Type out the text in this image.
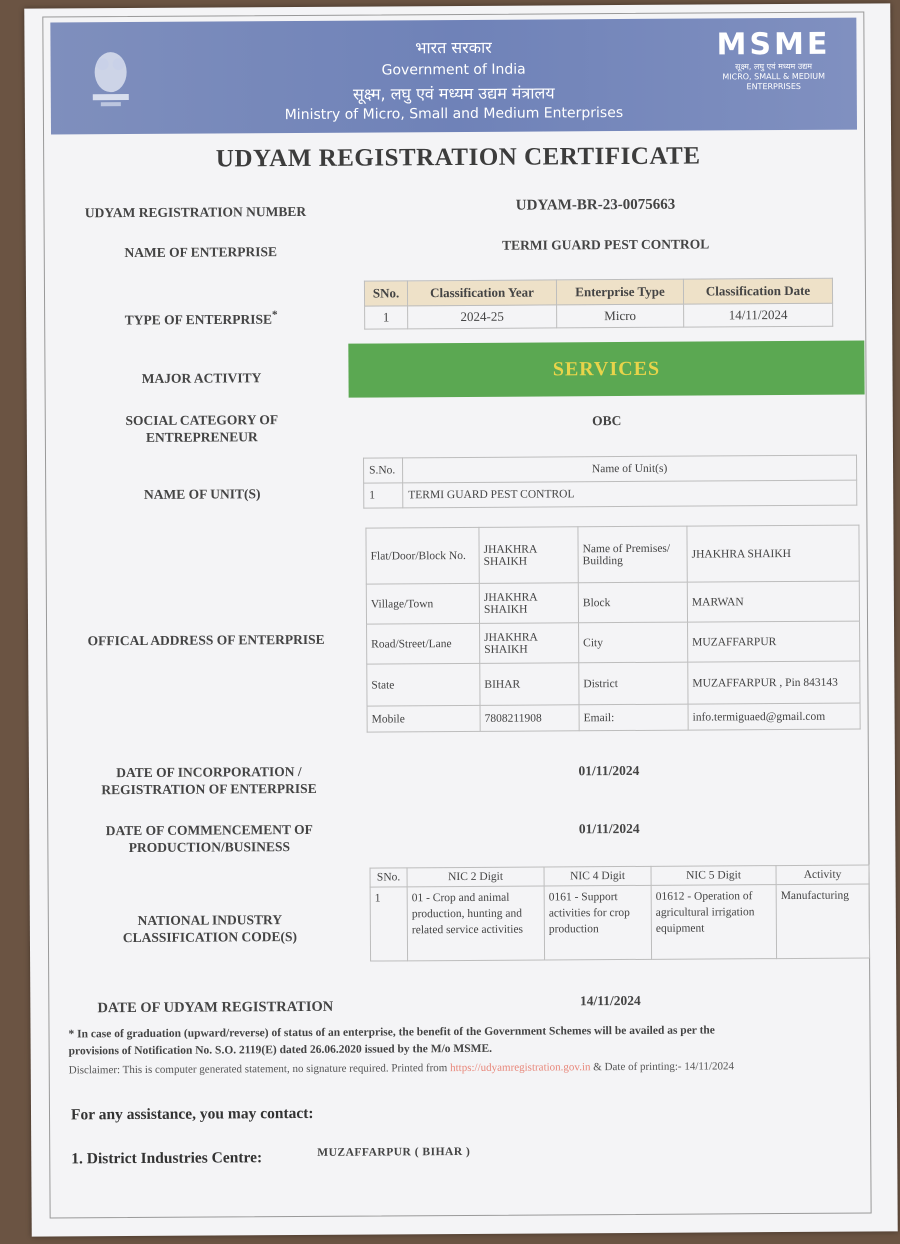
भारत सरकार
Government of India
सूक्ष्म, लघु एवं मध्यम उद्यम मंत्रालय
Ministry of Micro, Small and Medium Enterprises
MSME
सूक्ष्म, लघु एवं मध्यम उद्यम
MICRO, SMALL & MEDIUM ENTERPRISES
UDYAM REGISTRATION CERTIFICATE
UDYAM REGISTRATION NUMBER	UDYAM-BR-23-0075663
NAME OF ENTERPRISE	TERMI GUARD PEST CONTROL
TYPE OF ENTERPRISE*
SNo.	Classification Year	Enterprise Type	Classification Date
1	2024-25	Micro	14/11/2024
MAJOR ACTIVITY	SERVICES
SOCIAL CATEGORY OF
ENTREPRENEUR
OBC
NAME OF UNIT(S)
S.No.	Name of Unit(s)
1	TERMI GUARD PEST CONTROL
OFFICAL ADDRESS OF ENTERPRISE
Flat/Door/Block No.	JHAKHRA SHAIKH	Name of Premises/ Building	JHAKHRA SHAIKH
Village/Town	JHAKHRA SHAIKH	Block	MARWAN
Road/Street/Lane	JHAKHRA SHAIKH	City	MUZAFFARPUR
State	BIHAR	District	MUZAFFARPUR , Pin 843143
Mobile	7808211908	Email:	info.termiguaed@gmail.com
DATE OF INCORPORATION /
REGISTRATION OF ENTERPRISE
01/11/2024
DATE OF COMMENCEMENT OF
PRODUCTION/BUSINESS
01/11/2024
NATIONAL INDUSTRY
CLASSIFICATION CODE(S)
SNo.	NIC 2 Digit	NIC 4 Digit	NIC 5 Digit	Activity
1	01 - Crop and animal production, hunting and related service activities	0161 - Support activities for crop production	01612 - Operation of agricultural irrigation equipment	Manufacturing
DATE OF UDYAM REGISTRATION	14/11/2024
* In case of graduation (upward/reverse) of status of an enterprise, the benefit of the Government Schemes will be availed as per the
provisions of Notification No. S.O. 2119(E) dated 26.06.2020 issued by the M/o MSME.
Disclaimer: This is computer generated statement, no signature required. Printed from https://udyamregistration.gov.in & Date of printing:- 14/11/2024
For any assistance, you may contact:
1. District Industries Centre:	MUZAFFARPUR ( BIHAR )
